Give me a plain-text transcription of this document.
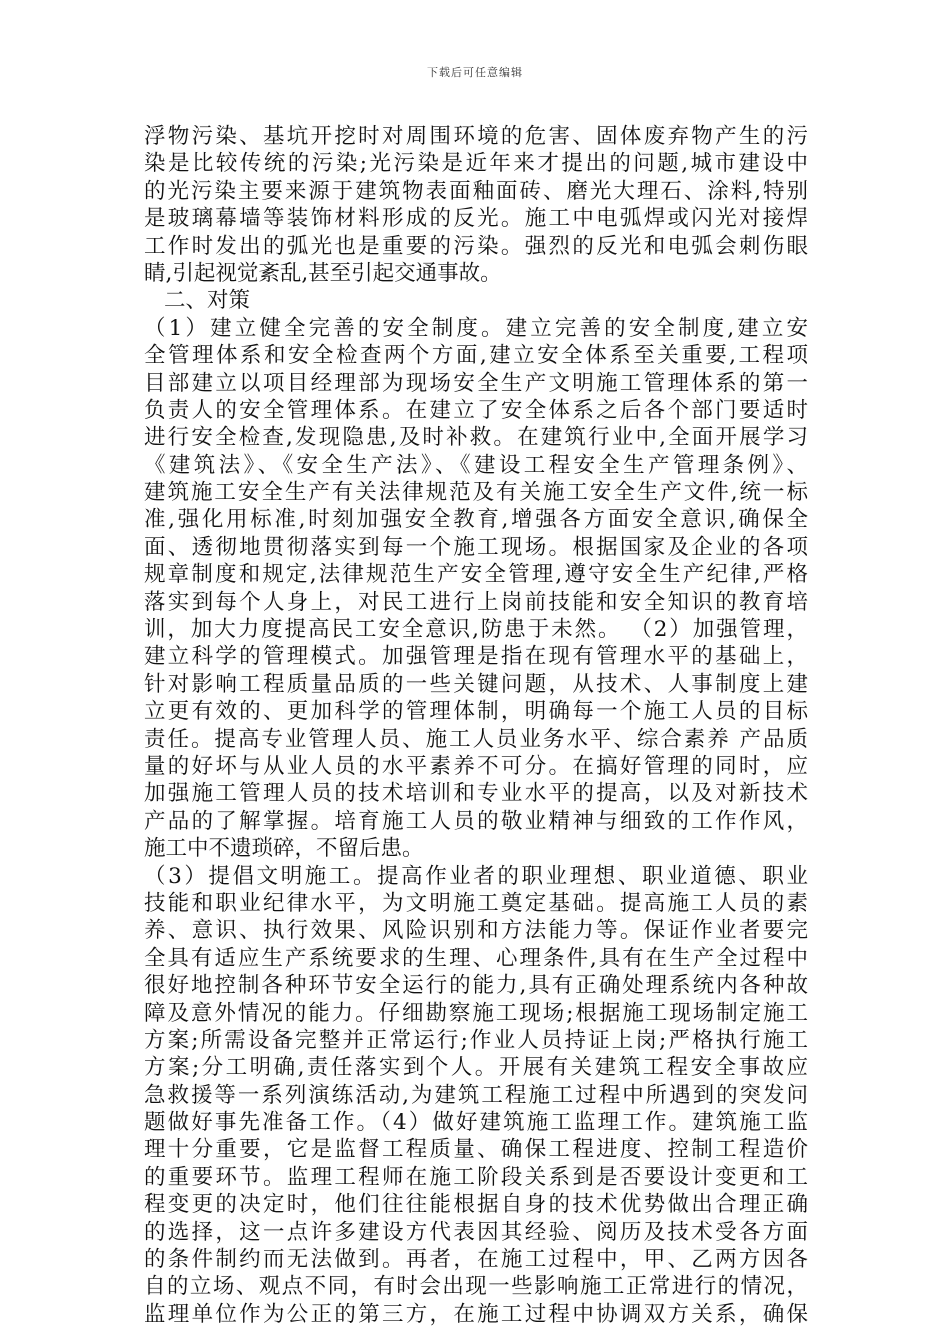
下载后可任意编辑
浮物污染、基坑开挖时对周围环境的危害、固体废弃物产生的污
染是比较传统的污染;光污染是近年来才提出的问题,城市建设中
的光污染主要来源于建筑物表面釉面砖、磨光大理石、涂料,特别
是玻璃幕墙等装饰材料形成的反光。施工中电弧焊或闪光对接焊
工作时发出的弧光也是重要的污染。强烈的反光和电弧会刺伤眼
睛,引起视觉紊乱,甚至引起交通事故。
二、对策
（1）建立健全完善的安全制度。建立完善的安全制度,建立安
全管理体系和安全检查两个方面,建立安全体系至关重要,工程项
目部建立以项目经理部为现场安全生产文明施工管理体系的第一
负责人的安全管理体系。在建立了安全体系之后各个部门要适时
进行安全检查,发现隐患,及时补救。在建筑行业中,全面开展学习
《建筑法》、《安全生产法》、《建设工程安全生产管理条例》、
建筑施工安全生产有关法律规范及有关施工安全生产文件,统一标
准,强化用标准,时刻加强安全教育,增强各方面安全意识,确保全
面、透彻地贯彻落实到每一个施工现场。根据国家及企业的各项
规章制度和规定,法律规范生产安全管理,遵守安全生产纪律,严格
落实到每个人身上，对民工进行上岗前技能和安全知识的教育培
训，加大力度提高民工安全意识,防患于未然。 （2）加强管理，
建立科学的管理模式。加强管理是指在现有管理水平的基础上，
针对影响工程质量品质的一些关键问题，从技术、人事制度上建
立更有效的、更加科学的管理体制，明确每一个施工人员的目标
责任。提高专业管理人员、施工人员业务水平、综合素养 产品质
量的好坏与从业人员的水平素养不可分。在搞好管理的同时，应
加强施工管理人员的技术培训和专业水平的提高，以及对新技术
产品的了解掌握。培育施工人员的敬业精神与细致的工作作风，
施工中不遗琐碎，不留后患。
（3）提倡文明施工。提高作业者的职业理想、职业道德、职业
技能和职业纪律水平，为文明施工奠定基础。提高施工人员的素
养、意识、执行效果、风险识别和方法能力等。保证作业者要完
全具有适应生产系统要求的生理、心理条件,具有在生产全过程中
很好地控制各种环节安全运行的能力,具有正确处理系统内各种故
障及意外情况的能力。仔细勘察施工现场;根据施工现场制定施工
方案;所需设备完整并正常运行;作业人员持证上岗;严格执行施工
方案;分工明确,责任落实到个人。开展有关建筑工程安全事故应
急救援等一系列演练活动,为建筑工程施工过程中所遇到的突发问
题做好事先准备工作。（4）做好建筑施工监理工作。建筑施工监
理十分重要，它是监督工程质量、确保工程进度、控制工程造价
的重要环节。监理工程师在施工阶段关系到是否要设计变更和工
程变更的决定时，他们往往能根据自身的技术优势做出合理正确
的选择，这一点许多建设方代表因其经验、阅历及技术受各方面
的条件制约而无法做到。再者，在施工过程中，甲、乙两方因各
自的立场、观点不同，有时会出现一些影响施工正常进行的情况，
监理单位作为公正的第三方，在施工过程中协调双方关系，确保
